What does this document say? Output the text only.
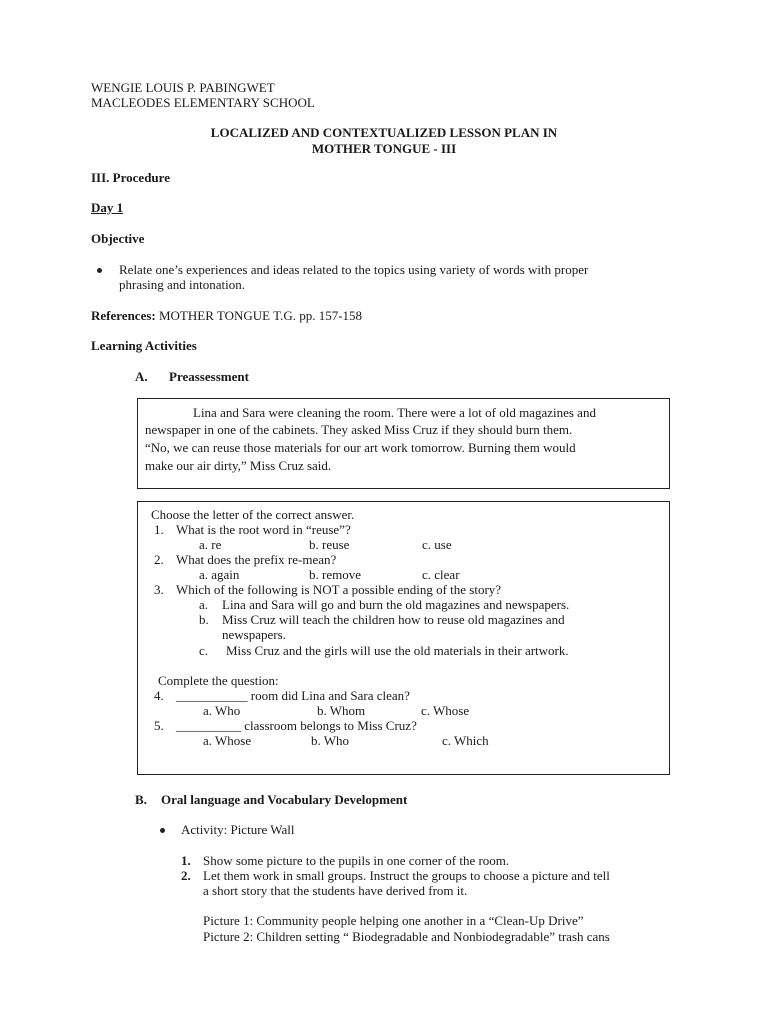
WENGIE LOUIS P. PABINGWET
MACLEODES ELEMENTARY SCHOOL
LOCALIZED AND CONTEXTUALIZED LESSON PLAN IN
MOTHER TONGUE - III
III. Procedure
Day 1
Objective
Relate one’s experiences and ideas related to the topics using variety of words with proper
phrasing and intonation.
References: MOTHER TONGUE T.G. pp. 157-158
Learning Activities
A. Preassessment
Lina and Sara were cleaning the room. There were a lot of old magazines and
newspaper in one of the cabinets. They asked Miss Cruz if they should burn them.
“No, we can reuse those materials for our art work tomorrow. Burning them would
make our air dirty,” Miss Cruz said.
Choose the letter of the correct answer.
1. What is the root word in “reuse”?
a. re	b. reuse	c. use
2. What does the prefix re-mean?
a. again	b. remove	c. clear
3. Which of the following is NOT a possible ending of the story?
a. Lina and Sara will go and burn the old magazines and newspapers.
b. Miss Cruz will teach the children how to reuse old magazines and
newspapers.
c. Miss Cruz and the girls will use the old materials in their artwork.
Complete the question:
4. ___________ room did Lina and Sara clean?
a. Who	b. Whom	c. Whose
5. __________ classroom belongs to Miss Cruz?
a. Whose	b. Who	c. Which
B. Oral language and Vocabulary Development
Activity: Picture Wall
1. Show some picture to the pupils in one corner of the room.
2. Let them work in small groups. Instruct the groups to choose a picture and tell
a short story that the students have derived from it.
Picture 1: Community people helping one another in a “Clean-Up Drive”
Picture 2: Children setting “ Biodegradable and Nonbiodegradable” trash cans
